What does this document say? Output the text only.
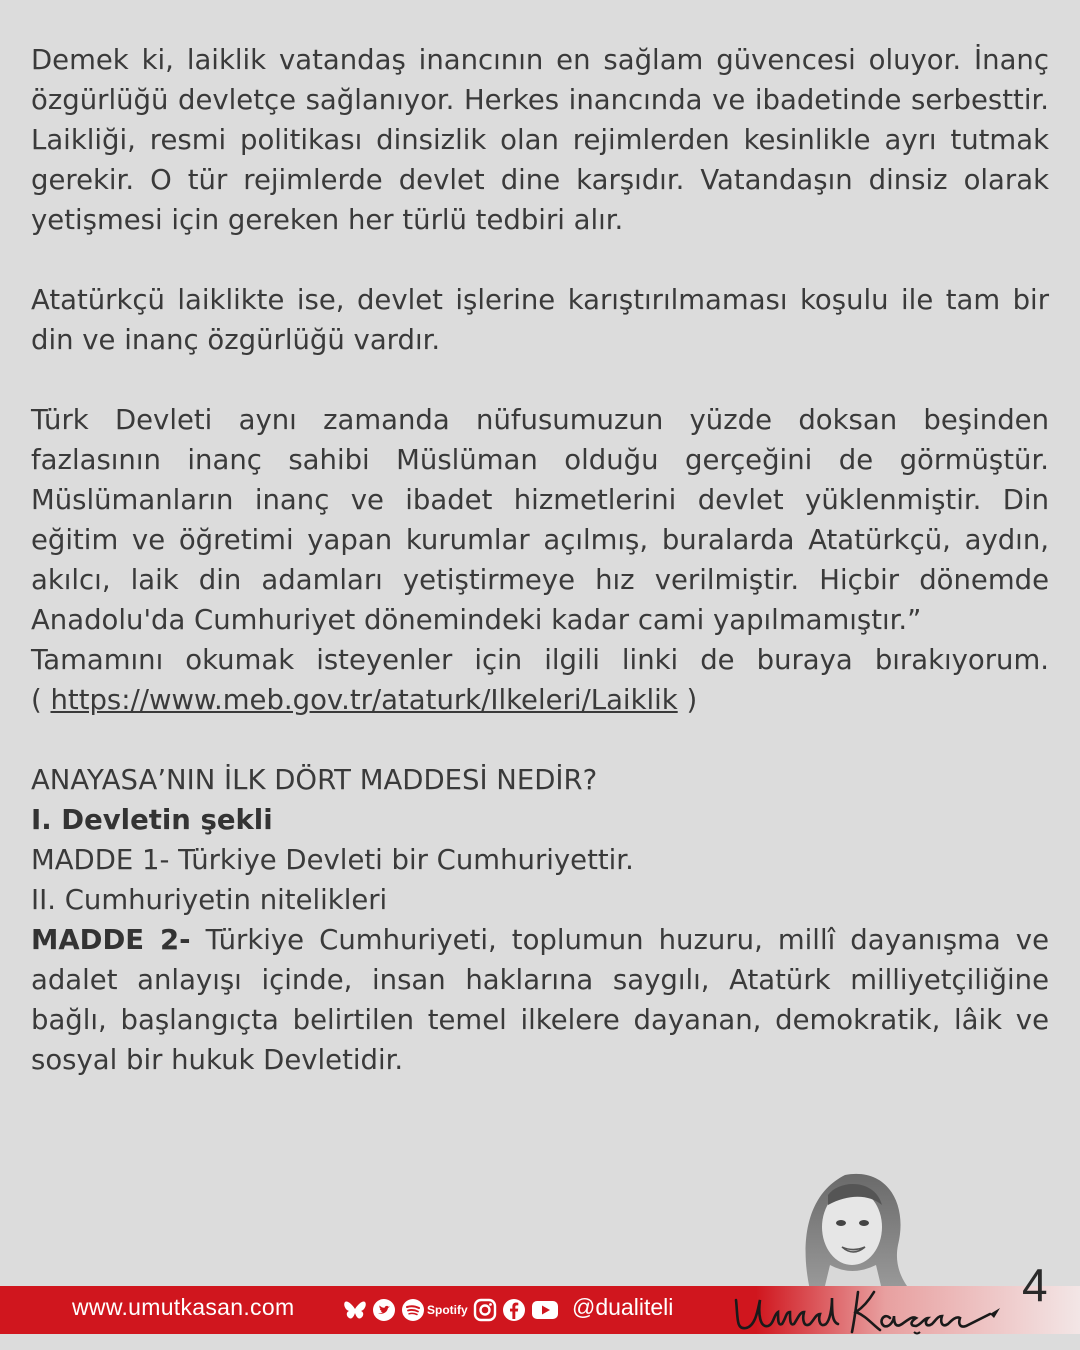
Demek ki, laiklik vatandaş inancının en sağlam güvencesi oluyor. İnanç özgürlüğü devletçe sağlanıyor. Herkes inancında ve ibadetinde serbesttir. Laikliği, resmi politikası dinsizlik olan rejimlerden kesinlikle ayrı tutmak gerekir. O tür rejimlerde devlet dine karşıdır. Vatandaşın dinsiz olarak yetişmesi için gereken her türlü tedbiri alır.

Atatürkçü laiklikte ise, devlet işlerine karıştırılmaması koşulu ile tam bir din ve inanç özgürlüğü vardır.

Türk Devleti aynı zamanda nüfusumuzun yüzde doksan beşinden fazlasının inanç sahibi Müslüman olduğu gerçeğini de görmüştür. Müslümanların inanç ve ibadet hizmetlerini devlet yüklenmiştir. Din eğitim ve öğretimi yapan kurumlar açılmış, buralarda Atatürkçü, aydın, akılcı, laik din adamları yetiştirmeye hız verilmiştir. Hiçbir dönemde Anadolu'da Cumhuriyet dönemindeki kadar cami yapılmamıştır.”

Tamamını okumak isteyenler için ilgili linki de buraya bırakıyorum.

( https://www.meb.gov.tr/ataturk/Ilkeleri/Laiklik )

ANAYASA’NIN İLK DÖRT MADDESİ NEDİR?

I. Devletin şekli

MADDE 1- Türkiye Devleti bir Cumhuriyettir.

II. Cumhuriyetin nitelikleri

MADDE 2- Türkiye Cumhuriyeti, toplumun huzuru, millî dayanışma ve adalet anlayışı içinde, insan haklarına saygılı, Atatürk milliyetçiliğine bağlı, başlangıçta belirtilen temel ilkelere dayanan, demokratik, lâik ve sosyal bir hukuk Devletidir.

www.umutkasan.com	Spotify	@dualiteli	4
